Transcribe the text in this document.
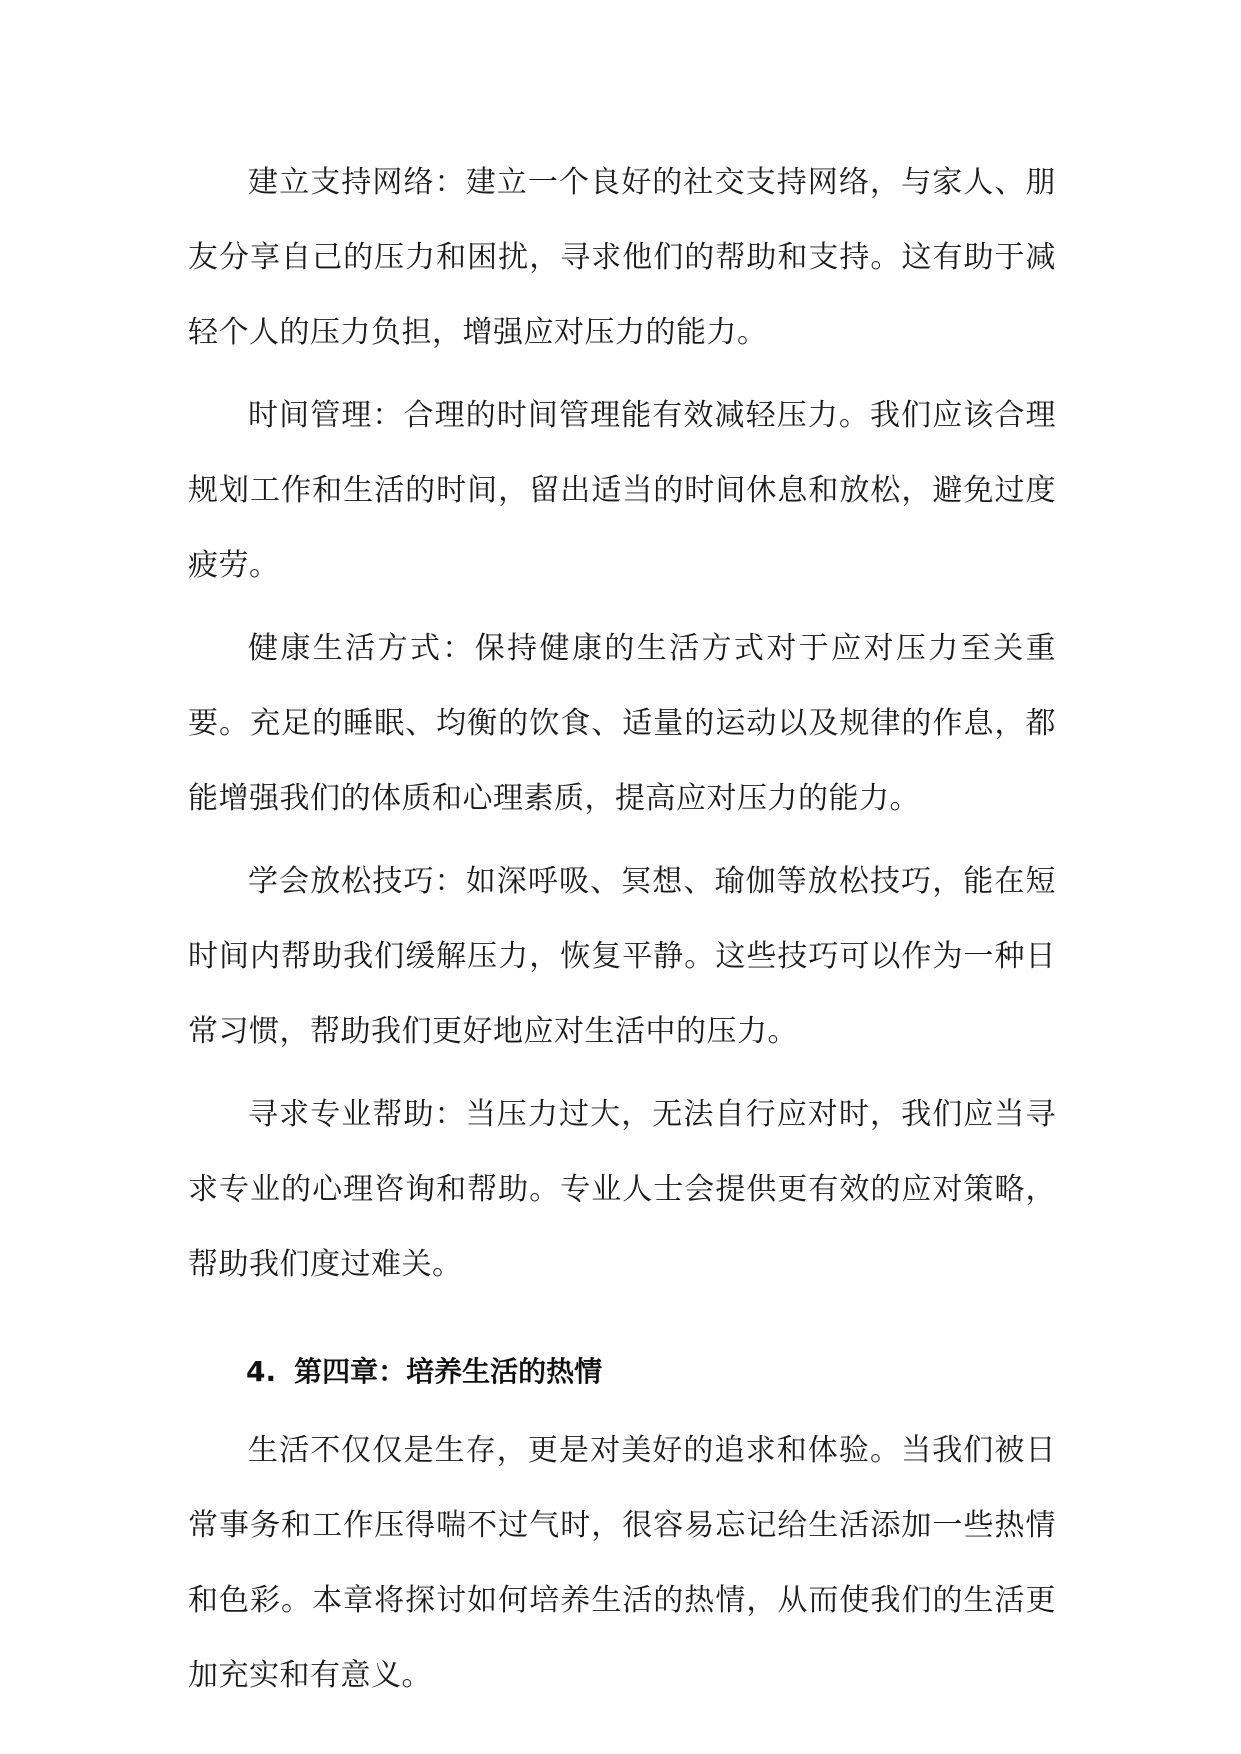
建立支持网络：建立一个良好的社交支持网络，与家人、朋友分享自己的压力和困扰，寻求他们的帮助和支持。这有助于减轻个人的压力负担，增强应对压力的能力。

时间管理：合理的时间管理能有效减轻压力。我们应该合理规划工作和生活的时间，留出适当的时间休息和放松，避免过度疲劳。

健康生活方式：保持健康的生活方式对于应对压力至关重要。充足的睡眠、均衡的饮食、适量的运动以及规律的作息，都能增强我们的体质和心理素质，提高应对压力的能力。

学会放松技巧：如深呼吸、冥想、瑜伽等放松技巧，能在短时间内帮助我们缓解压力，恢复平静。这些技巧可以作为一种日常习惯，帮助我们更好地应对生活中的压力。

寻求专业帮助：当压力过大，无法自行应对时，我们应当寻求专业的心理咨询和帮助。专业人士会提供更有效的应对策略，帮助我们度过难关。

4. 第四章：培养生活的热情

生活不仅仅是生存，更是对美好的追求和体验。当我们被日常事务和工作压得喘不过气时，很容易忘记给生活添加一些热情和色彩。本章将探讨如何培养生活的热情，从而使我们的生活更加充实和有意义。
